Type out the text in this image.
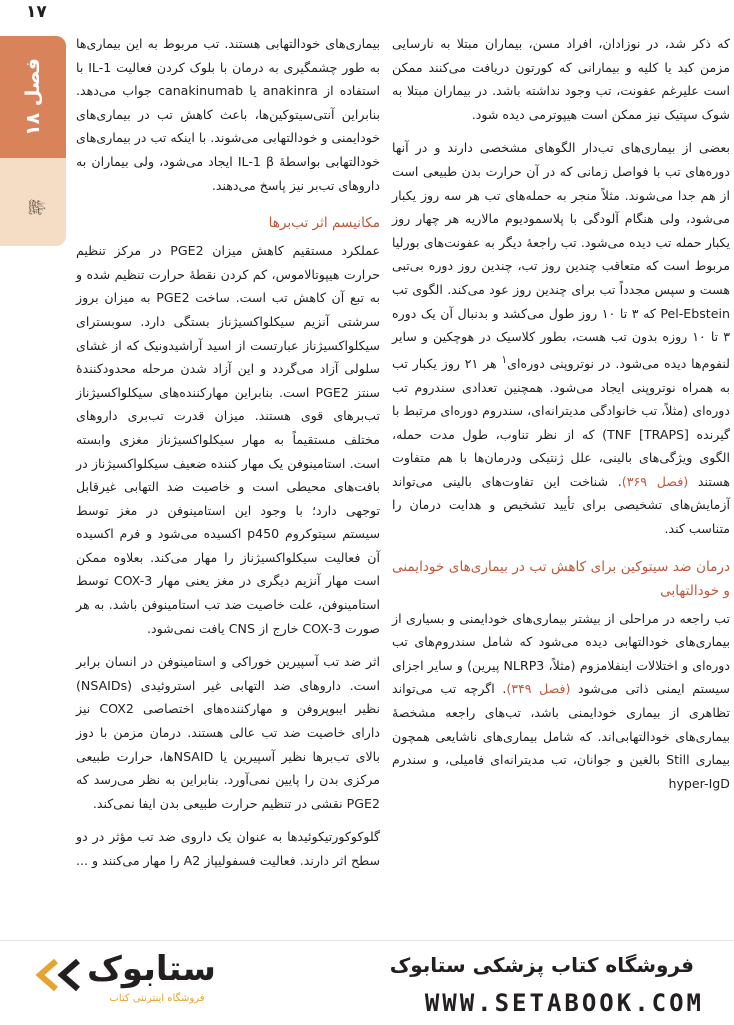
۱۷
فصل ۱۸
ﷺ

که ذکر شد، در نوزادان، افراد مسن، بیماران مبتلا به نارسایی مزمن کبد یا کلیه و بیمارانی که کورتون دریافت می‌کنند ممکن است علیرغم عفونت، تب وجود نداشته باشد. در بیماران مبتلا به شوک سپتیک نیز ممکن است هیپوترمی دیده شود.

بعضی از بیماری‌های تب‌دار الگوهای مشخصی دارند و در آنها دوره‌های تب با فواصل زمانی که در آن حرارت بدن طبیعی است از هم جدا می‌شوند. مثلاً منجر به حمله‌های تب هر سه روز یکبار می‌شود، ولی هنگام آلودگی با پلاسمودیوم مالاریه هر چهار روز یکبار حمله تب دیده می‌شود. تب راجعهٔ دیگر به عفونت‌های بورلیا مربوط است که متعاقب چندین روز تب، چندین روز دوره بی‌تبی هست و سپس مجدداً تب برای چندین روز عود می‌کند. الگوی تب Pel-Ebstein که ۳ تا ۱۰ روز طول می‌کشد و بدنبال آن یک دوره ۳ تا ۱۰ روزه بدون تب هست، بطور کلاسیک در هوچکین و سایر لنفوم‌ها دیده می‌شود. در نوتروپنی دوره‌ای$^۱$ هر ۲۱ روز یکبار تب به همراه نوتروپنی ایجاد می‌شود. همچنین تعدادی سندروم تب دوره‌ای (مثلاً، تب خانوادگی مدیترانه‌ای، سندروم دوره‌ای مرتبط با گیرنده TNF [TRAPS]) که از نظر تناوب، طول مدت حمله، الگوی ویژگی‌های بالینی، علل ژنتیکی ودرمان‌ها با هم متفاوت هستند (فصل ۳۶۹). شناخت این تفاوت‌های بالینی می‌تواند آزمایش‌های تشخیصی برای تأیید تشخیص و هدایت درمان را متناسب کند.

درمان ضد سیتوکین برای کاهش تب در بیماری‌های خودایمنی و خودالتهابی

تب راجعه در مراحلی از بیشتر بیماری‌های خودایمنی و بسیاری از بیماری‌های خودالتهابی دیده می‌شود که شامل سندروم‌های تب دوره‌ای و اختلالات اینفلامزوم (مثلاً، NLRP3 پیرین) و سایر اجزای سیستم ایمنی ذاتی می‌شود (فصل ۳۴۹). اگرچه تب می‌تواند تظاهری از بیماری خودایمنی باشد، تب‌های راجعه مشخصهٔ بیماری‌های خودالتهابی‌اند. که شامل بیماری‌های ناشایعی همچون بیماری Still بالغین و جوانان، تب مدیترانه‌ای فامیلی، و سندرم hyper-IgD

بیماری‌های خودالتهابی هستند. تب مربوط به این بیماری‌ها به طور چشمگیری به درمان با بلوک کردن فعالیت IL-1 با استفاده از anakinra یا canakinumab جواب می‌دهد. بنابراین آنتی‌سیتوکین‌ها، باعث کاهش تب در بیماری‌های خودایمنی و خودالتهابی می‌شوند. با اینکه تب در بیماری‌های خودالتهابی بواسطهٔ IL-1 β ایجاد می‌شود، ولی بیماران به داروهای تب‌بر نیز پاسخ می‌دهند.

مکانیسم اثر تب‌برها

عملکرد مستقیم کاهش میزان PGE2 در مرکز تنظیم حرارت هیپوتالاموس، کم کردن نقطهٔ حرارت تنظیم شده و به تبع آن کاهش تب است. ساخت PGE2 به میزان بروز سرشتی آنزیم سیکلواکسیژناز بستگی دارد. سوبسترای سیکلواکسیژناز عبارتست از اسید آراشیدونیک که از غشای سلولی آزاد می‌گردد و این آزاد شدن مرحله محدودکنندهٔ سنتز PGE2 است. بنابراین مهارکننده‌های سیکلواکسیژناز تب‌برهای قوی هستند. میزان قدرت تب‌بری داروهای مختلف مستقیماً به مهار سیکلواکسیژناز مغزی وابسته است. استامینوفن یک مهار کننده ضعیف سیکلواکسیژناز در بافت‌های محیطی است و خاصیت ضد التهابی غیرقابل توجهی دارد؛ با وجود این استامینوفن در مغز توسط سیستم سیتوکروم p450 اکسیده می‌شود و فرم اکسیده آن فعالیت سیکلواکسیژناز را مهار می‌کند. بعلاوه ممکن است مهار آنزیم دیگری در مغز یعنی مهار COX-3 توسط استامینوفن، علت خاصیت ضد تب استامینوفن باشد. به هر صورت COX-3 خارج از CNS یافت نمی‌شود.

اثر ضد تب آسپیرین خوراکی و استامینوفن در انسان برابر است. داروهای ضد التهابی غیر استروئیدی (NSAIDs) نظیر ایبوپروفن و مهارکننده‌های اختصاصی COX2 نیز دارای خاصیت ضد تب عالی هستند. درمان مزمن با دوز بالای تب‌برها نظیر آسپیرین یا NSAIDها، حرارت طبیعی مرکزی بدن را پایین نمی‌آورد. بنابراین به نظر می‌رسد که PGE2 نقشی در تنظیم حرارت طبیعی بدن ایفا نمی‌کند.

گلوکوکورتیکوئیدها به عنوان یک داروی ضد تب مؤثر در دو سطح اثر دارند. فعالیت فسفولیپاز A2 را مهار می‌کنند و ...

ستابوک
فروشگاه اینترنتی کتاب
فروشگاه کتاب پزشکی ستابوک
WWW.SETABOOK.COM
